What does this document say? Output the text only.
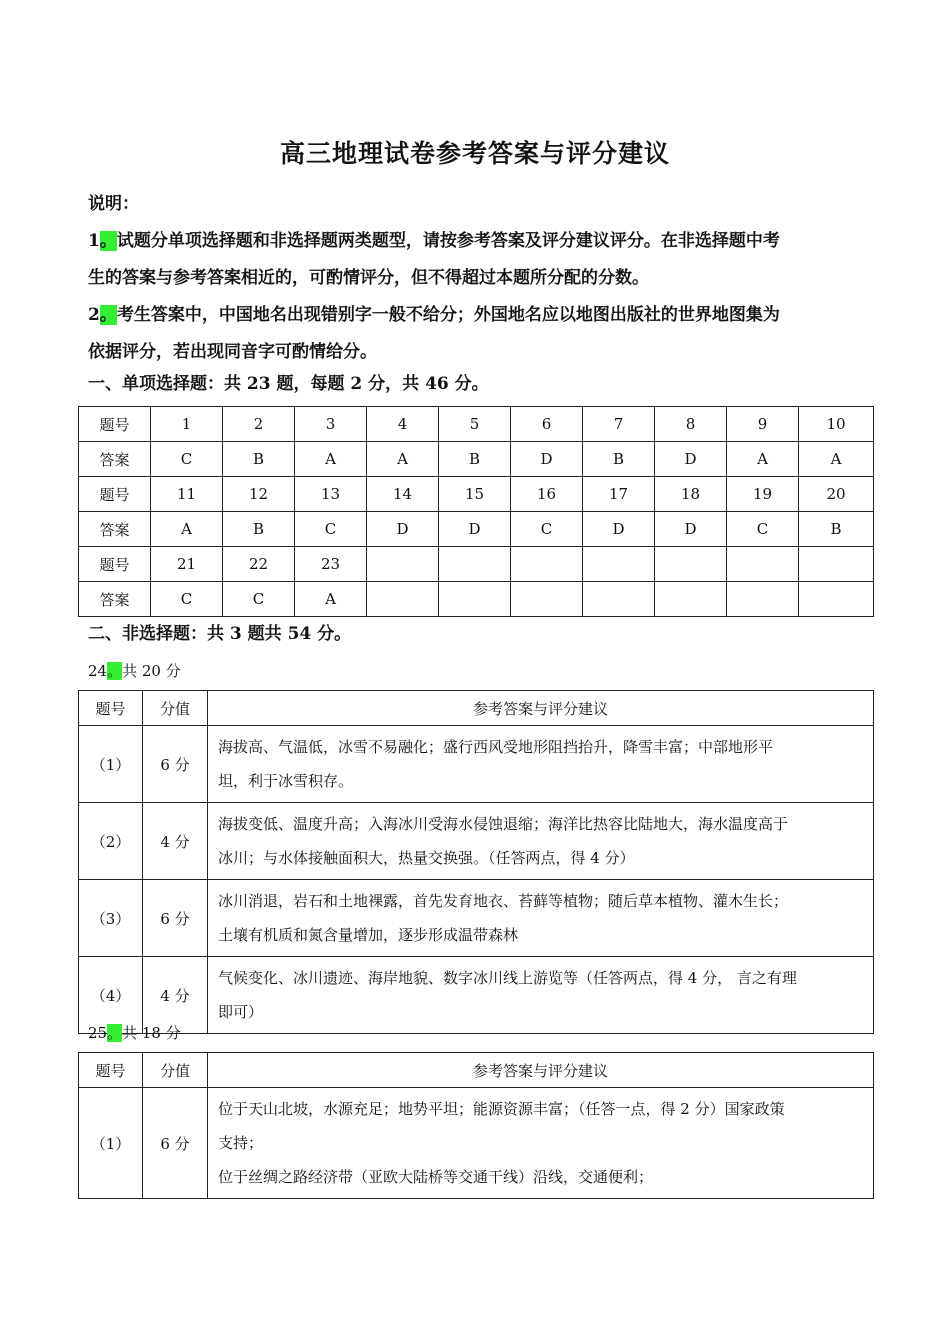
高三地理试卷参考答案与评分建议
说明：
1。试题分单项选择题和非选择题两类题型，请按参考答案及评分建议评分。在非选择题中考
生的答案与参考答案相近的，可酌情评分，但不得超过本题所分配的分数。
2。考生答案中，中国地名出现错别字一般不给分；外国地名应以地图出版社的世界地图集为
依据评分，若出现同音字可酌情给分。
一、单项选择题：共 23 题，每题 2 分，共 46 分。
题号	1	2	3	4	5	6	7	8	9	10
答案	C	B	A	A	B	D	B	D	A	A
题号	11	12	13	14	15	16	17	18	19	20
答案	A	B	C	D	D	C	D	D	C	B
题号	21	22	23							
答案	C	C	A							
二、非选择题：共 3 题共 54 分。
24。共 20 分
题号	分值	参考答案与评分建议
（1）	6 分	海拔高、气温低，冰雪不易融化；盛行西风受地形阻挡抬升，降雪丰富；中部地形平
坦，利于冰雪积存。

（2）	4 分	海拔变低、温度升高；入海冰川受海水侵蚀退缩；海洋比热容比陆地大，海水温度高于
冰川；与水体接触面积大，热量交换强。（任答两点，得 4 分）

（3）	6 分	冰川消退，岩石和土地裸露，首先发育地衣、苔藓等植物；随后草本植物、灌木生长；
土壤有机质和氮含量增加，逐步形成温带森林

（4）	4 分	气候变化、冰川遗迹、海岸地貌、数字冰川线上游览等（任答两点，得 4 分， 言之有理
即可）
25。共 18 分
题号	分值	参考答案与评分建议
（1）	6 分	位于天山北坡，水源充足；地势平坦；能源资源丰富；（任答一点，得 2 分）国家政策
支持；
位于丝绸之路经济带（亚欧大陆桥等交通干线）沿线，交通便利；
